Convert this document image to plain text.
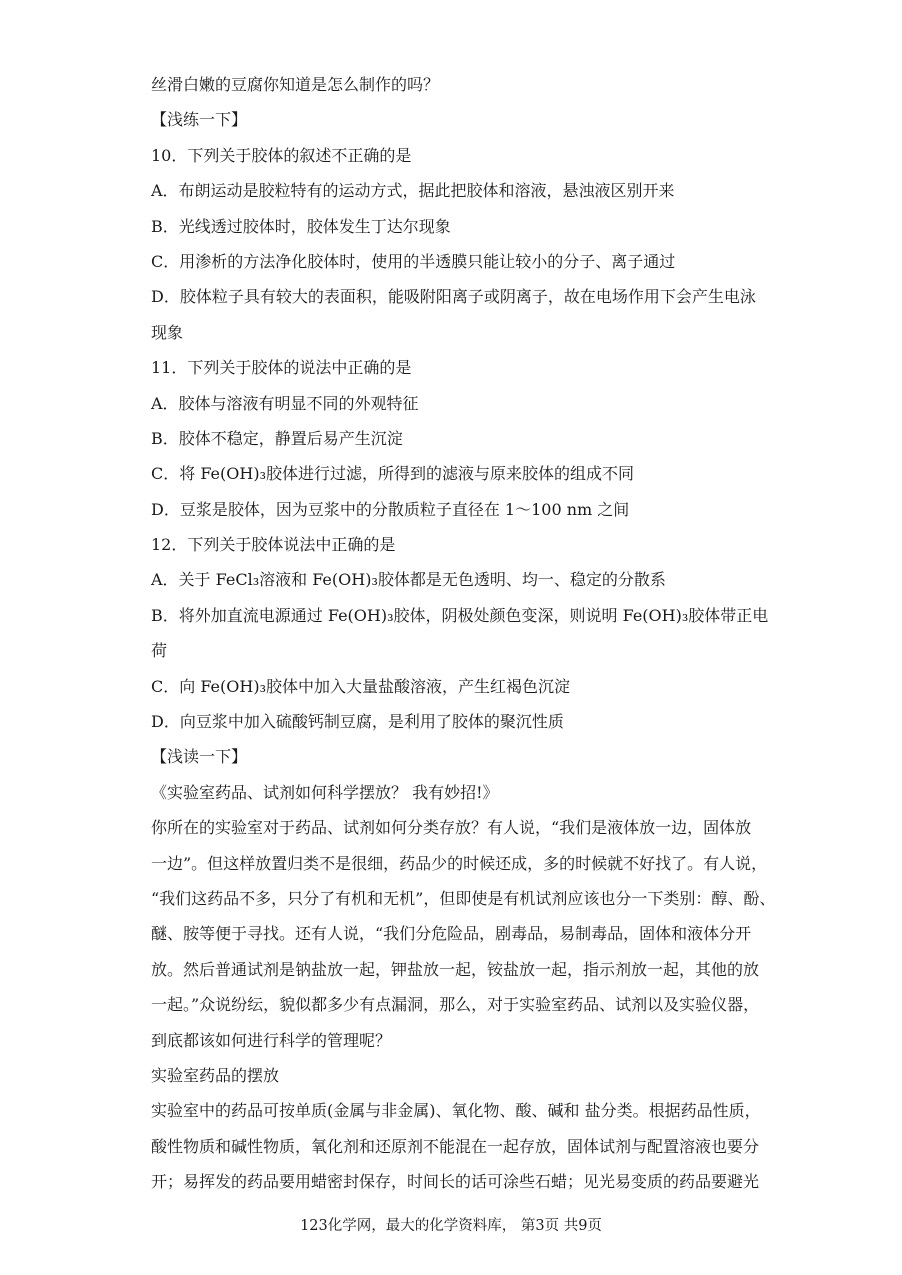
丝滑白嫩的豆腐你知道是怎么制作的吗？
【浅练一下】
10．下列关于胶体的叙述不正确的是
A．布朗运动是胶粒特有的运动方式，据此把胶体和溶液，悬浊液区别开来
B．光线透过胶体时，胶体发生丁达尔现象
C．用渗析的方法净化胶体时，使用的半透膜只能让较小的分子、离子通过
D．胶体粒子具有较大的表面积，能吸附阳离子或阴离子，故在电场作用下会产生电泳
现象
11．下列关于胶体的说法中正确的是
A．胶体与溶液有明显不同的外观特征
B．胶体不稳定，静置后易产生沉淀
C．将 Fe(OH)₃胶体进行过滤，所得到的滤液与原来胶体的组成不同
D．豆浆是胶体，因为豆浆中的分散质粒子直径在 1～100 nm 之间
12．下列关于胶体说法中正确的是
A．关于 FeCl₃溶液和 Fe(OH)₃胶体都是无色透明、均一、稳定的分散系
B．将外加直流电源通过 Fe(OH)₃胶体，阴极处颜色变深，则说明 Fe(OH)₃胶体带正电
荷
C．向 Fe(OH)₃胶体中加入大量盐酸溶液，产生红褐色沉淀
D．向豆浆中加入硫酸钙制豆腐，是利用了胶体的聚沉性质
【浅读一下】
《实验室药品、试剂如何科学摆放？ 我有妙招!》
你所在的实验室对于药品、试剂如何分类存放？有人说，“我们是液体放一边，固体放
一边”。但这样放置归类不是很细，药品少的时候还成，多的时候就不好找了。有人说，
“我们这药品不多，只分了有机和无机”，但即使是有机试剂应该也分一下类别：醇、酚、
醚、胺等便于寻找。还有人说，“我们分危险品，剧毒品，易制毒品，固体和液体分开
放。然后普通试剂是钠盐放一起，钾盐放一起，铵盐放一起，指示剂放一起，其他的放
一起。”众说纷纭，貌似都多少有点漏洞，那么，对于实验室药品、试剂以及实验仪器，
到底都该如何进行科学的管理呢？
实验室药品的摆放
实验室中的药品可按单质(金属与非金属)、氧化物、酸、碱和 盐分类。根据药品性质，
酸性物质和碱性物质，氧化剂和还原剂不能混在一起存放，固体试剂与配置溶液也要分
开；易挥发的药品要用蜡密封保存，时间长的话可涂些石蜡；见光易变质的药品要避光
123化学网，最大的化学资料库， 第3页 共9页
